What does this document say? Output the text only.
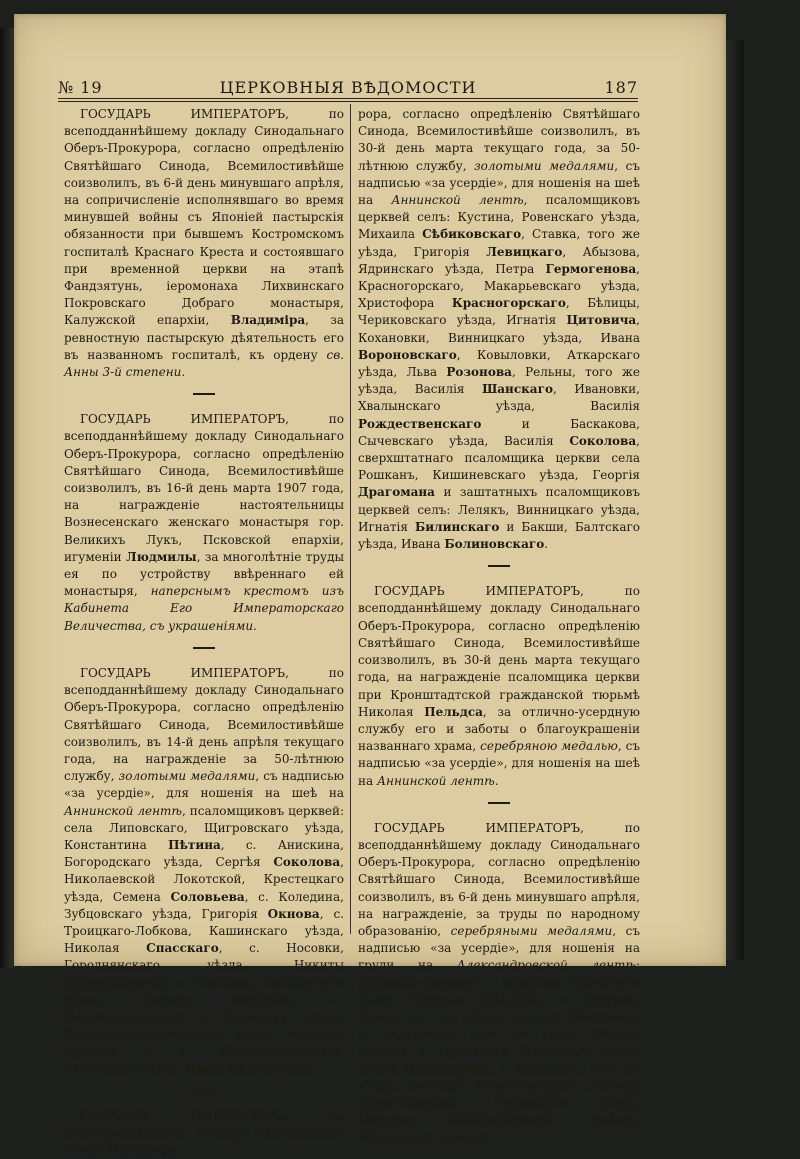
№ 19	ЦЕРКОВНЫЯ ВѢДОМОСТИ	187

ГОСУДАРЬ ИМПЕРАТОРЪ, по всеподданнѣйшему докладу Синодальнаго Оберъ-Прокурора, согласно опредѣленію Святѣйшаго Синода, Всемилостивѣйше соизволилъ, въ 6-й день минувшаго апрѣля, на сопричисленіе исполнявшаго во время минувшей войны съ Японіей пастырскія обязанности при бывшемъ Костромскомъ госпиталѣ Краснаго Креста и состоявшаго при временной церкви на этапѣ Фандзятунь, іеромонаха Лихвинскаго Покровскаго Добраго монастыря, Калужской епархіи, Владиміра, за ревностную пастырскую дѣятельность его въ названномъ госпиталѣ, къ ордену св. Анны 3-й степени.

ГОСУДАРЬ ИМПЕРАТОРЪ, по всеподданнѣйшему докладу Синодальнаго Оберъ-Прокурора, согласно опредѣленію Святѣйшаго Синода, Всемилостивѣйше соизволилъ, въ 16-й день марта 1907 года, на награжденіе настоятельницы Вознесенскаго женскаго монастыря гор. Великихъ Лукъ, Псковской епархіи, игуменіи Людмилы, за многолѣтніе труды ея по устройству ввѣреннаго ей монастыря, наперснымъ крестомъ изъ Кабинета Его Императорскаго Величества, съ украшеніями.

ГОСУДАРЬ ИМПЕРАТОРЪ, по всеподданнѣйшему докладу Синодальнаго Оберъ-Прокурора, согласно опредѣленію Святѣйшаго Синода, Всемилостивѣйше соизволилъ, въ 14-й день апрѣля текущаго года, на награжденіе за 50-лѣтнюю службу, золотыми медалями, съ надписью «за усердіе», для ношенія на шеѣ на Аннинской лентѣ, псаломщиковъ церквей: села Липовскаго, Щигровскаго уѣзда, Константина Пѣтина, с. Анискина, Богородскаго уѣзда, Сергѣя Соколова, Николаевской Локотской, Крестецкаго уѣзда, Семена Соловьева, с. Колединa, Зубцовскаго уѣзда, Григорія Окнова, с. Троицкаго-Лобкова, Кашинскаго уѣзда, Николая Спасскаго, с. Носовки, Городнянскаго уѣзда, Никиты Коротькевича, с. Милкова, Любимскаго уѣзда, Василія Милкова, с. Петропавловскаго, на Выковыхъ горахъ, Романъ-Борисоглѣбскаго уѣзда, Михаила Орлова и с. Новолеонтіевскаго, Угличскаго уѣзда, Ивана Бѣлозерова.

ГОСУДАРЬ ИМПЕРАТОРЪ, по всеподданнѣйшему докладу Синодальнаго Оберъ-Прокурора,

рора, согласно опредѣленію Святѣйшаго Синода, Всемилостивѣйше соизволилъ, въ 30-й день марта текущаго года, за 50-лѣтнюю службу, золотыми медалями, съ надписью «за усердіе», для ношенія на шеѣ на Аннинской лентѣ, псаломщиковъ церквей селъ: Кустина, Ровенскаго уѣзда, Михаила Сѣбиковскаго, Ставка, того же уѣзда, Григорія Левицкаго, Абызова, Ядринскаго уѣзда, Петра Гермогенова, Красногорскаго, Макарьевскаго уѣзда, Христофора Красногорскаго, Бѣлицы, Чериковскаго уѣзда, Игнатія Цитовича, Кохановки, Винницкаго уѣзда, Ивана Вороновскаго, Ковыловки, Аткарскаго уѣзда, Льва Розонова, Рельны, того же уѣзда, Василія Шанскаго, Ивановки, Хвалынскаго уѣзда, Василія Рождественскаго и Баскакова, Сычевскаго уѣзда, Василія Соколова, сверхштатнаго псаломщика церкви села Рошканъ, Кишиневскаго уѣзда, Георгія Драгомана и заштатныхъ псаломщиковъ церквей селъ: Лелякъ, Винницкаго уѣзда, Игнатія Билинскаго и Бакши, Балтскаго уѣзда, Ивана Болиновскаго.

ГОСУДАРЬ ИМПЕРАТОРЪ, по всеподданнѣйшему докладу Синодальнаго Оберъ-Прокурора, согласно опредѣленію Святѣйшаго Синода, Всемилостивѣйше соизволилъ, въ 30-й день марта текущаго года, на награжденіе псаломщика церкви при Кронштадтской гражданской тюрьмѣ Николая Пельдса, за отлично-усердную службу его и заботы о благоукрашеніи названнаго храма, серебряною медалью, съ надписью «за усердіе», для ношенія на шеѣ на Аннинской лентѣ.

ГОСУДАРЬ ИМПЕРАТОРЪ, по всеподданнѣйшему докладу Синодальнаго Оберъ-Прокурора, согласно опредѣленію Святѣйшаго Синода, Всемилостивѣйше соизволилъ, въ 6-й день минувшаго апрѣля, на награжденіе, за труды по народному образованію, серебряными медалями, съ надписью «за усердіе», для ношенія на груди на Александровской лентѣ: діаконовъ церквей: с. Балаклеи, Зміевскаго уѣзда, Михаила Павлова, с. Нижней-Орели, того же уѣзда, Григорія Ѳедорова, с. Андреевки, того же уѣзда, Ѳедора Сосуна, с. Грушеваха, Изюмскаго уѣзда, Петра Пономарева, с. Савинецъ, того же уѣзда, Димитрія Ковалевскаго, слободы Дружелюбовки, Купянскаго уѣзда, Михаила Бородаевскаго, слободы Мѣловатки, того же
